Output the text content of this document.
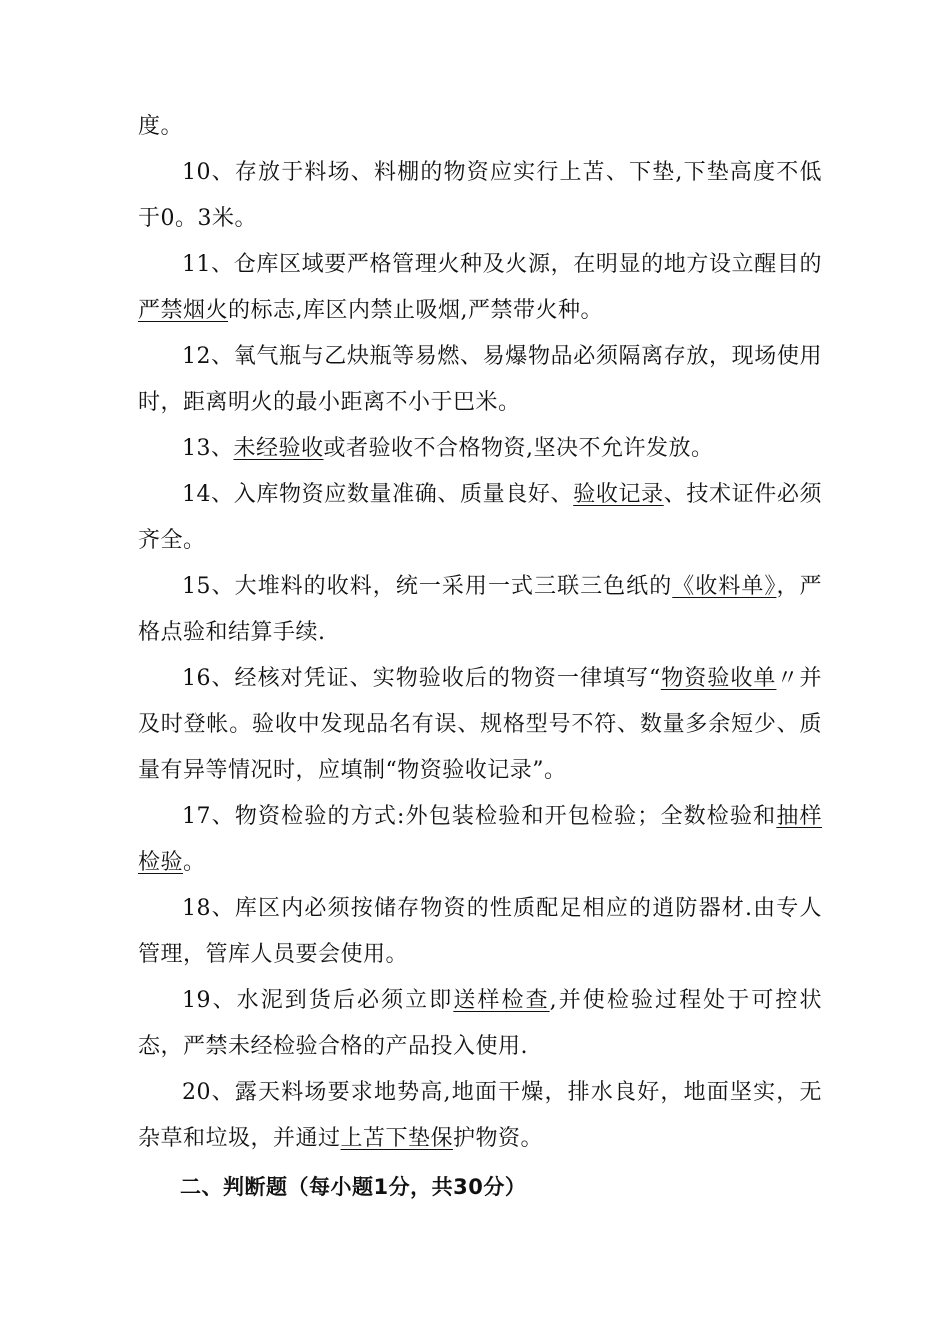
度。

10、存放于料场、料棚的物资应实行上苫、下垫,下垫高度不低于0。3米。

11、仓库区域要严格管理火种及火源，在明显的地方设立醒目的严禁烟火的标志,库区内禁止吸烟,严禁带火种。

12、氧气瓶与乙炔瓶等易燃、易爆物品必须隔离存放，现场使用时，距离明火的最小距离不小于巴米。

13、未经验收或者验收不合格物资,坚决不允许发放。

14、入库物资应数量准确、质量良好、验收记录、技术证件必须齐全。

15、大堆料的收料，统一采用一式三联三色纸的《收料单》，严格点验和结算手续.

16、经核对凭证、实物验收后的物资一律填写“物资验收单〃并及时登帐。验收中发现品名有误、规格型号不符、数量多余短少、质量有异等情况时，应填制“物资验收记录”。

17、物资检验的方式:外包装检验和开包检验；全数检验和抽样检验。

18、库区内必须按储存物资的性质配足相应的逍防器材.由专人管理，管库人员要会使用。

19、水泥到货后必须立即送样检查,并使检验过程处于可控状态，严禁未经检验合格的产品投入使用.

20、露天料场要求地势高,地面干燥，排水良好，地面坚实，无杂草和垃圾，并通过上苫下垫保护物资。

二、判断题（每小题1分，共30分）
